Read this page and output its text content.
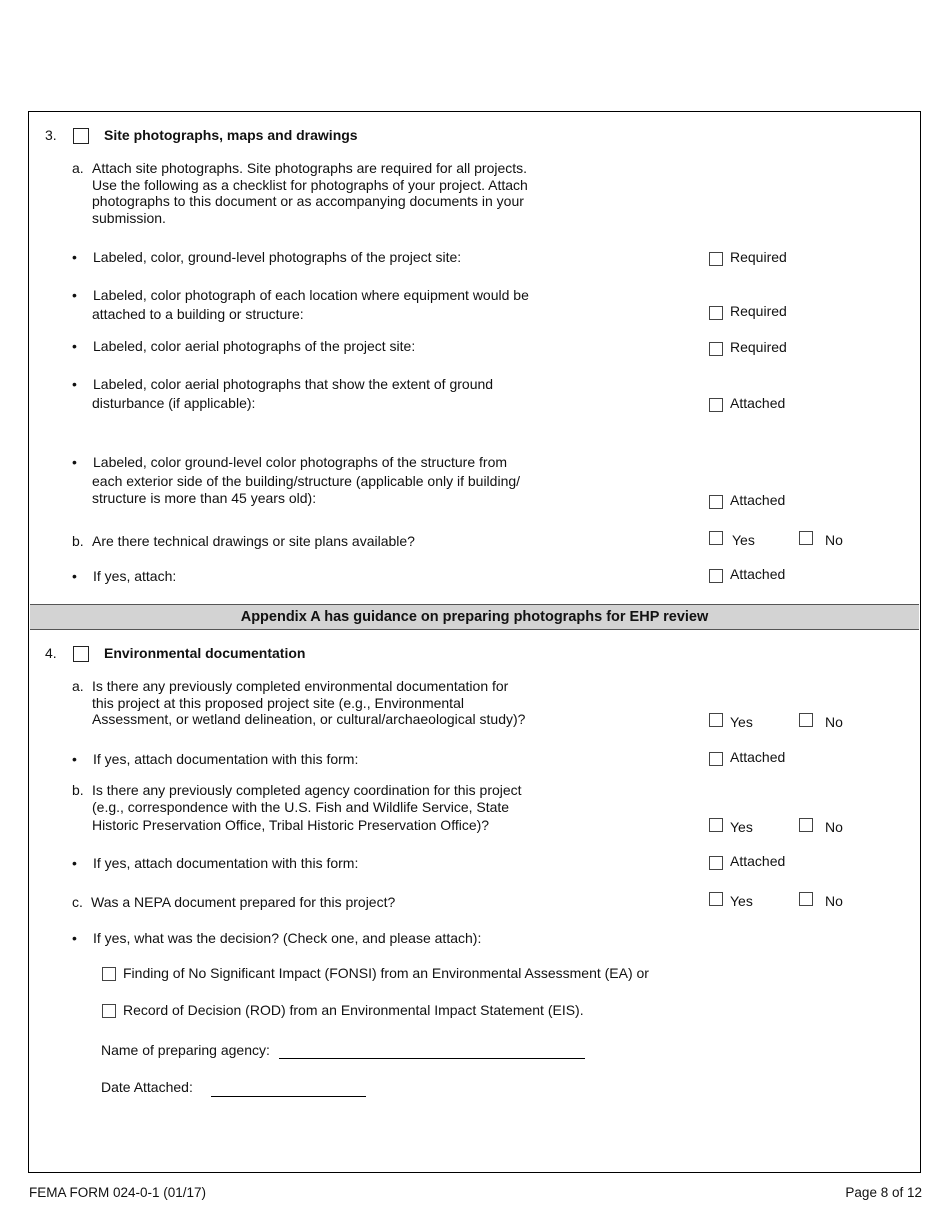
3.	Site photographs, maps and drawings
a. Attach site photographs. Site photographs are required for all projects.
Use the following as a checklist for photographs of your project. Attach
photographs to this document or as accompanying documents in your
submission.
• Labeled, color, ground-level photographs of the project site:	Required
• Labeled, color photograph of each location where equipment would be
attached to a building or structure:	Required
• Labeled, color aerial photographs of the project site:	Required
• Labeled, color aerial photographs that show the extent of ground
disturbance (if applicable):	Attached
• Labeled, color ground-level color photographs of the structure from
each exterior side of the building/structure (applicable only if building/
structure is more than 45 years old):	Attached
b. Are there technical drawings or site plans available?	Yes	No
• If yes, attach:	Attached
Appendix A has guidance on preparing photographs for EHP review
4.	Environmental documentation
a. Is there any previously completed environmental documentation for
this project at this proposed project site (e.g., Environmental
Assessment, or wetland delineation, or cultural/archaeological study)?	Yes	No
• If yes, attach documentation with this form:	Attached
b. Is there any previously completed agency coordination for this project
(e.g., correspondence with the U.S. Fish and Wildlife Service, State
Historic Preservation Office, Tribal Historic Preservation Office)?	Yes	No
• If yes, attach documentation with this form:	Attached
c. Was a NEPA document prepared for this project?	Yes	No
• If yes, what was the decision? (Check one, and please attach):
Finding of No Significant Impact (FONSI) from an Environmental Assessment (EA) or
Record of Decision (ROD) from an Environmental Impact Statement (EIS).
Name of preparing agency:
Date Attached:
FEMA FORM 024-0-1 (01/17)	Page 8 of 12
